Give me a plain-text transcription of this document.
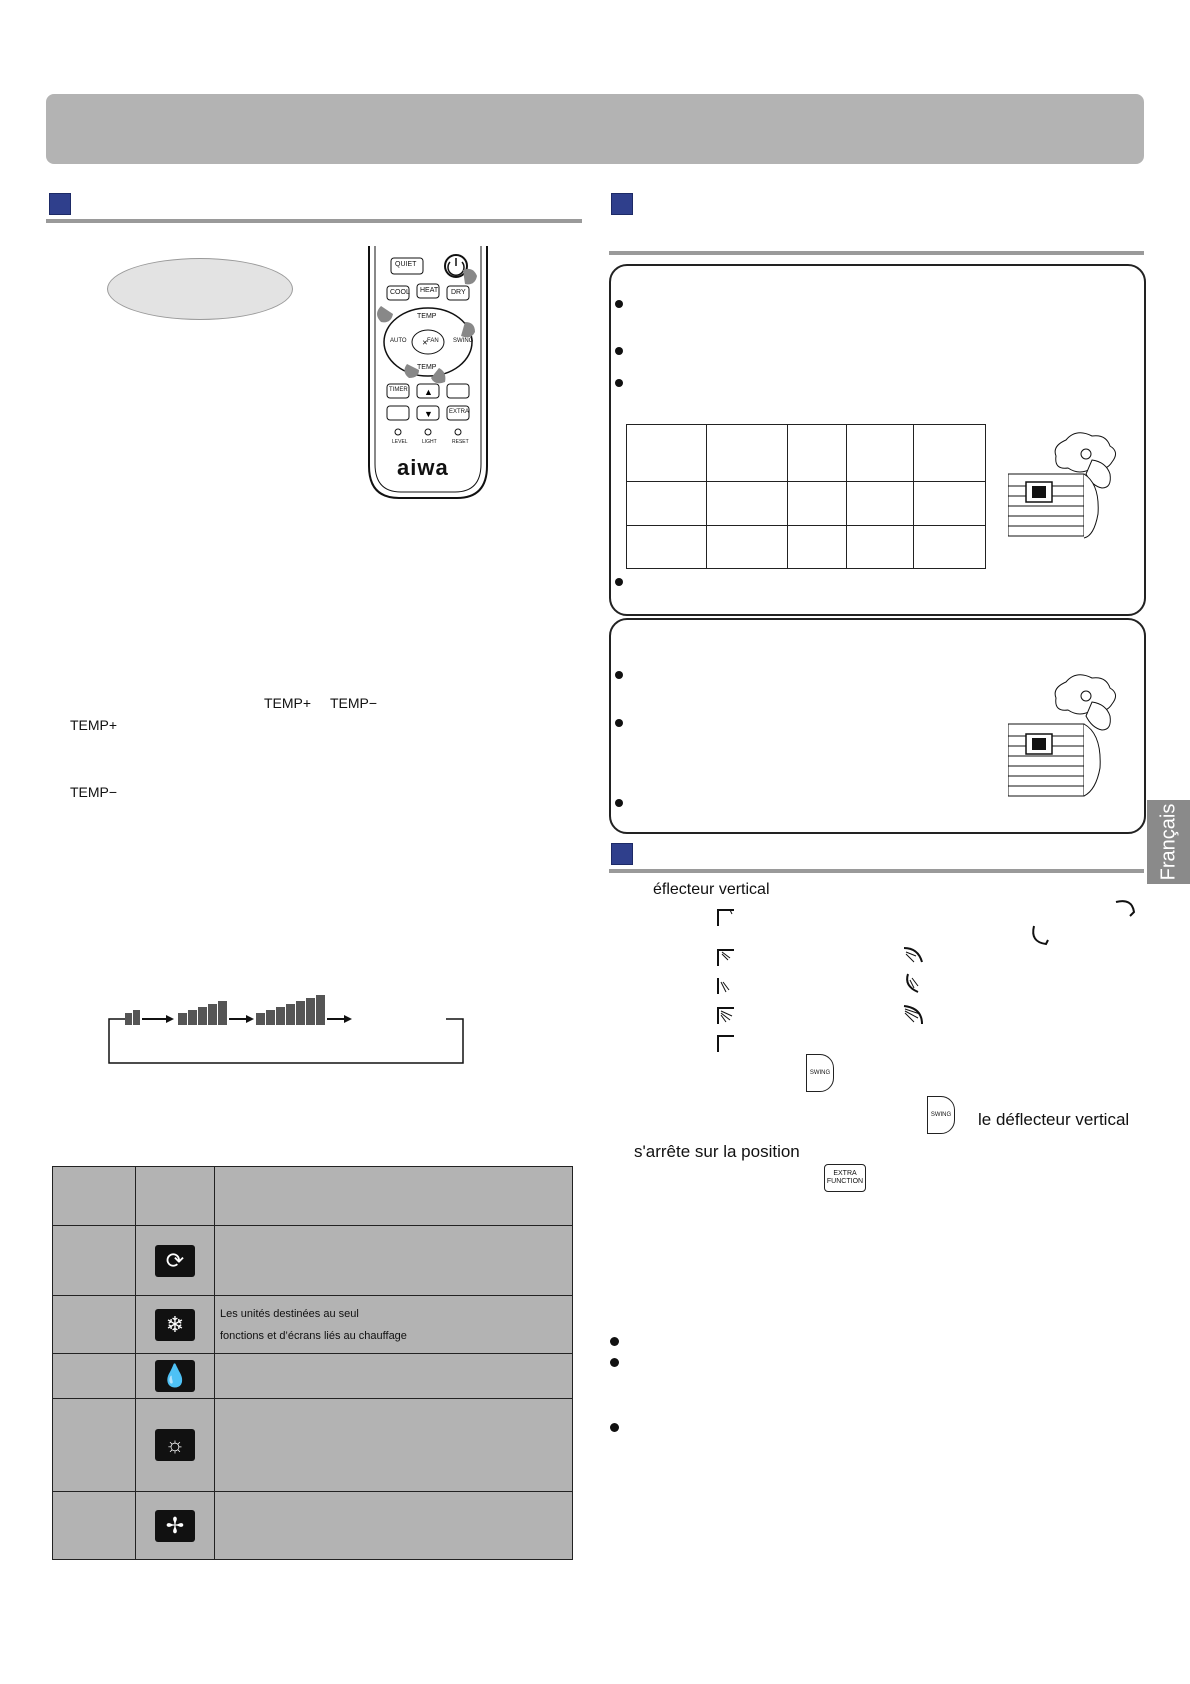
✕
▲
▼
QUIET
COOL HEAT DRY
TEMP
TEMP
AUTO	FAN SWING
TIMER
EXTRA
LEVEL	LIGHT	RESET
aiwa
TEMP+ TEMP−
TEMP+
TEMP−

⟳	

❄	Les unités destinées au seul
fonctions et d’écrans liés au chauffage

💧	

☼	

✢	

éflecteur vertical
SWING
SWING le déflecteur vertical
s'arrête sur la position
EXTRA
FUNCTION
Français
